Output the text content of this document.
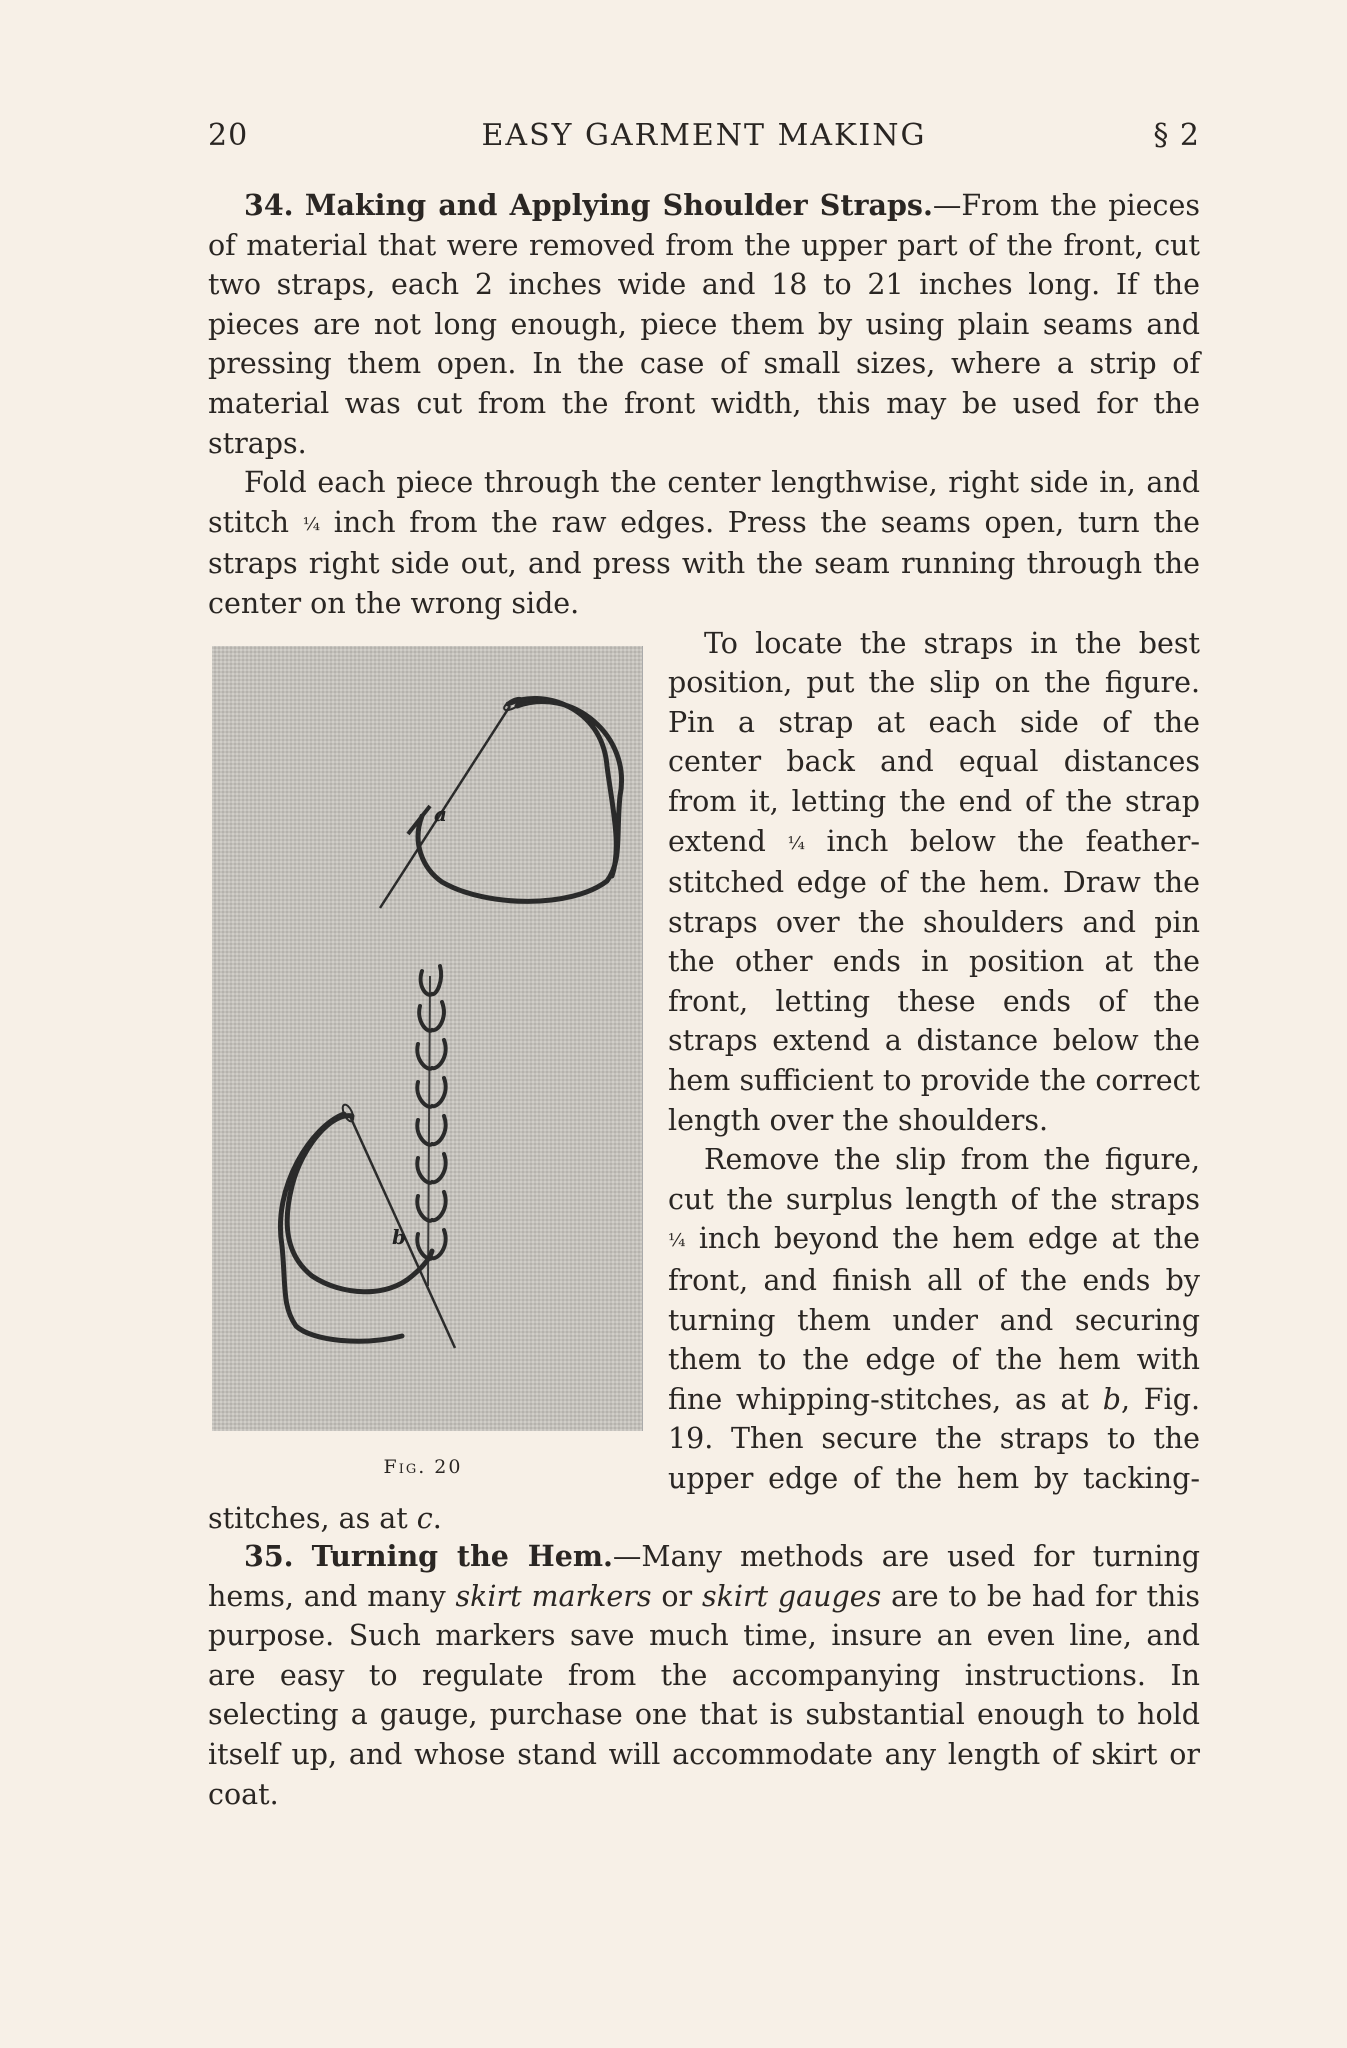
20	EASY GARMENT MAKING	§ 2

34. Making and Applying Shoulder Straps.—From the pieces of material that were removed from the upper part of the front, cut two straps, each 2 inches wide and 18 to 21 inches long. If the pieces are not long enough, piece them by using plain seams and pressing them open. In the case of small sizes, where a strip of material was cut from the front width, this may be used for the straps.

Fold each piece through the center lengthwise, right side in, and stitch ¼ inch from the raw edges. Press the seams open, turn the straps right side out, and press with the seam running through the center on the wrong side.

a
b
Fig. 20

To locate the straps in the best position, put the slip on the figure. Pin a strap at each side of the center back and equal distances from it, letting the end of the strap extend ¼ inch below the feather-stitched edge of the hem. Draw the straps over the shoulders and pin the other ends in position at the front, letting these ends of the straps extend a distance below the hem sufficient to provide the correct length over the shoulders.

Remove the slip from the figure, cut the surplus length of the straps ¼ inch beyond the hem edge at the front, and finish all of the ends by turning them under and securing them to the edge of the hem with fine whipping-stitches, as at b, Fig. 19. Then secure the straps to the upper edge of the hem by tacking-stitches, as at c.

35. Turning the Hem.—Many methods are used for turning hems, and many skirt markers or skirt gauges are to be had for this purpose. Such markers save much time, insure an even line, and are easy to regulate from the accompanying instructions. In selecting a gauge, purchase one that is substantial enough to hold itself up, and whose stand will accommodate any length of skirt or coat.
